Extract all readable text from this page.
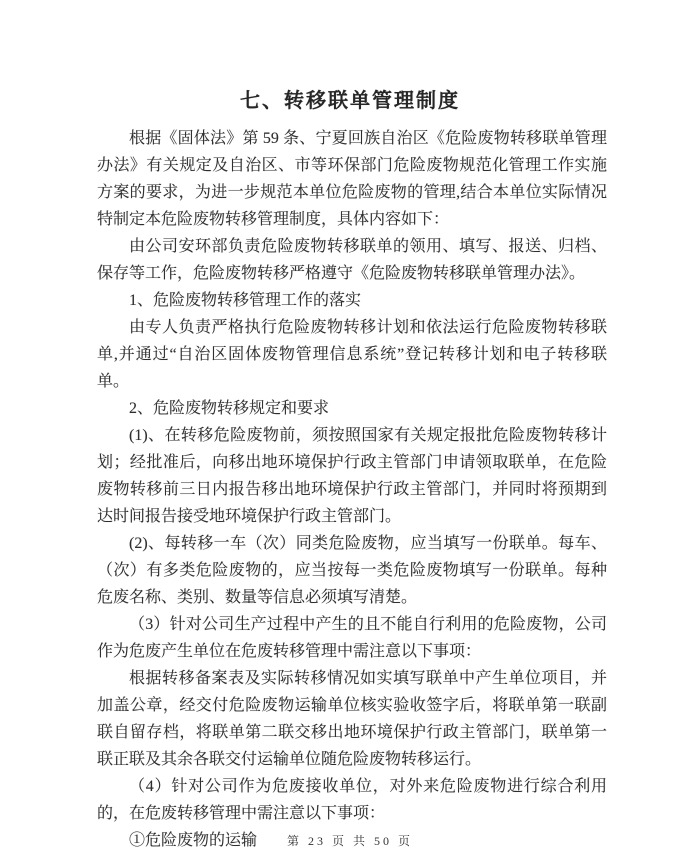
七、转移联单管理制度

根据《固体法》第 59 条、宁夏回族自治区《危险废物转移联单管理办法》有关规定及自治区、市等环保部门危险废物规范化管理工作实施方案的要求，为进一步规范本单位危险废物的管理,结合本单位实际情况特制定本危险废物转移管理制度，具体内容如下：

由公司安环部负责危险废物转移联单的领用、填写、报送、归档、保存等工作，危险废物转移严格遵守《危险废物转移联单管理办法》。

1、危险废物转移管理工作的落实

由专人负责严格执行危险废物转移计划和依法运行危险废物转移联单,并通过“自治区固体废物管理信息系统”登记转移计划和电子转移联单。

2、危险废物转移规定和要求

(1)、在转移危险废物前，须按照国家有关规定报批危险废物转移计划；经批准后，向移出地环境保护行政主管部门申请领取联单，在危险废物转移前三日内报告移出地环境保护行政主管部门，并同时将预期到达时间报告接受地环境保护行政主管部门。

(2)、每转移一车（次）同类危险废物，应当填写一份联单。每车、（次）有多类危险废物的，应当按每一类危险废物填写一份联单。每种危废名称、类别、数量等信息必须填写清楚。

（3）针对公司生产过程中产生的且不能自行利用的危险废物，公司作为危废产生单位在危废转移管理中需注意以下事项：

根据转移备案表及实际转移情况如实填写联单中产生单位项目，并加盖公章，经交付危险废物运输单位核实验收签字后，将联单第一联副联自留存档，将联单第二联交移出地环境保护行政主管部门，联单第一联正联及其余各联交付运输单位随危险废物转移运行。

（4）针对公司作为危废接收单位，对外来危险废物进行综合利用的，在危废转移管理中需注意以下事项：

①危险废物的运输	第 23 页 共 50 页
